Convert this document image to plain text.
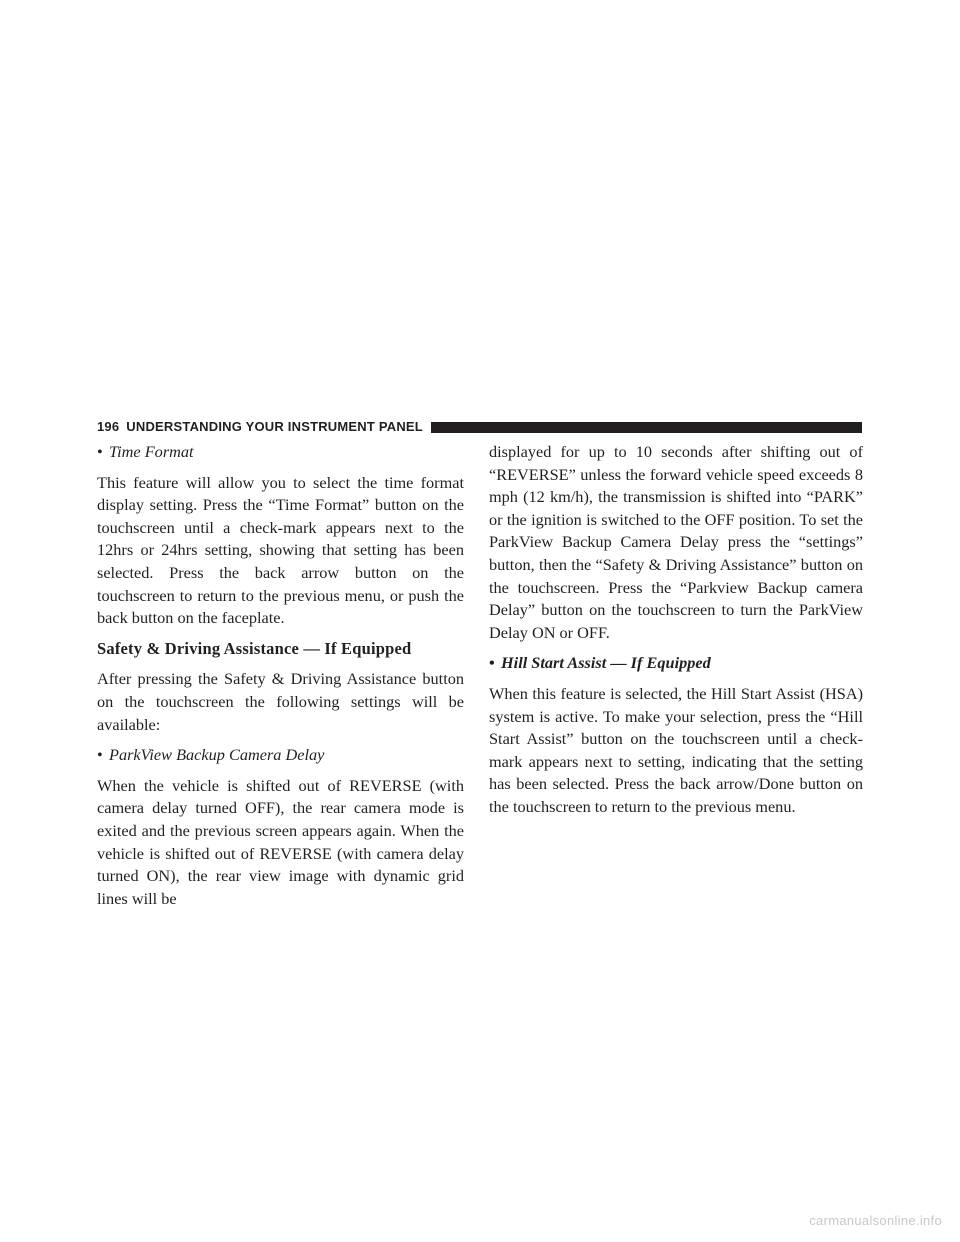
196 UNDERSTANDING YOUR INSTRUMENT PANEL
• Time Format

This feature will allow you to select the time format display setting. Press the “Time Format” button on the touchscreen until a check-mark appears next to the 12hrs or 24hrs setting, showing that setting has been selected. Press the back arrow button on the touchscreen to return to the previous menu, or push the back button on the faceplate.

Safety & Driving Assistance — If Equipped

After pressing the Safety & Driving Assistance button on the touchscreen the following settings will be available:

• ParkView Backup Camera Delay

When the vehicle is shifted out of REVERSE (with camera delay turned OFF), the rear camera mode is exited and the previous screen appears again. When the vehicle is shifted out of REVERSE (with camera delay turned ON), the rear view image with dynamic grid lines will be

displayed for up to 10 seconds after shifting out of “REVERSE” unless the forward vehicle speed exceeds 8 mph (12 km/h), the transmission is shifted into “PARK” or the ignition is switched to the OFF position. To set the ParkView Backup Camera Delay press the “settings” button, then the “Safety & Driving Assistance” button on the touchscreen. Press the “Parkview Backup camera Delay” button on the touchscreen to turn the ParkView Delay ON or OFF.

• Hill Start Assist — If Equipped

When this feature is selected, the Hill Start Assist (HSA) system is active. To make your selection, press the “Hill Start Assist” button on the touchscreen until a check-mark appears next to setting, indicating that the setting has been selected. Press the back arrow/Done button on the touchscreen to return to the previous menu.

carmanualsonline.info
